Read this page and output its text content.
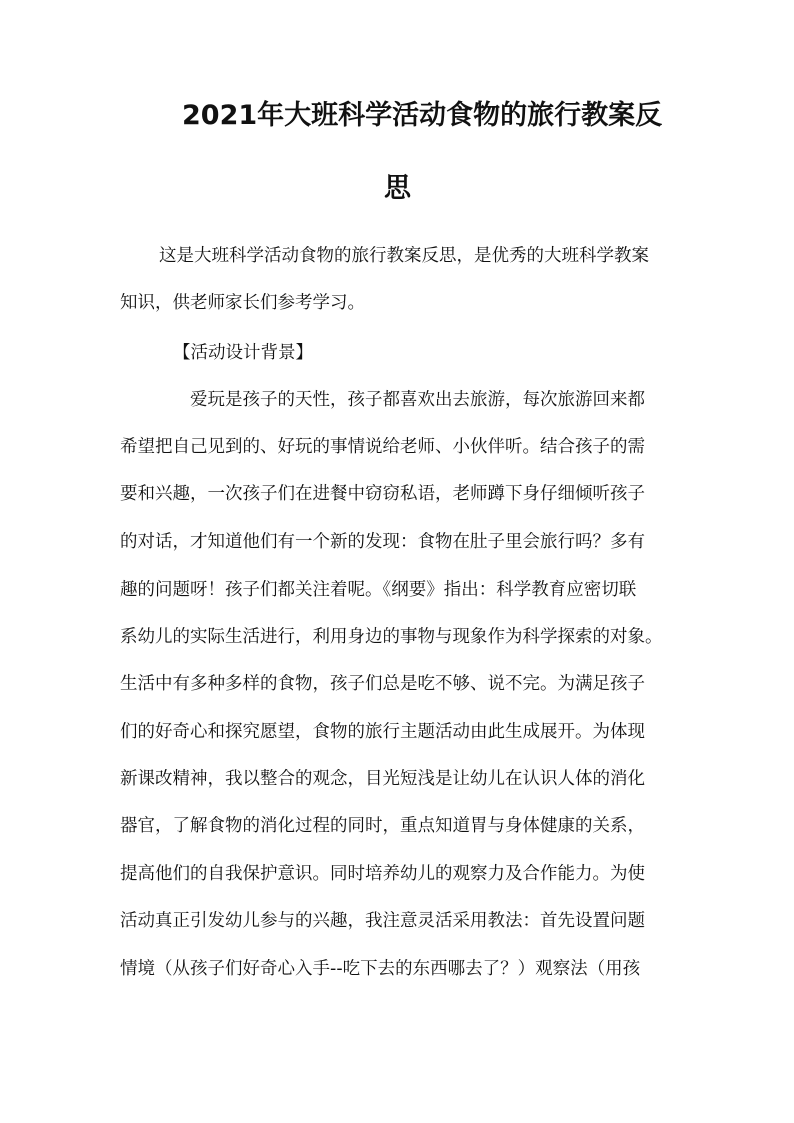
2021年大班科学活动食物的旅行教案反
思
这是大班科学活动食物的旅行教案反思，是优秀的大班科学教案
知识，供老师家长们参考学习。
【活动设计背景】
爱玩是孩子的天性，孩子都喜欢出去旅游，每次旅游回来都
希望把自己见到的、好玩的事情说给老师、小伙伴听。结合孩子的需
要和兴趣，一次孩子们在进餐中窃窃私语，老师蹲下身仔细倾听孩子
的对话，才知道他们有一个新的发现：食物在肚子里会旅行吗？多有
趣的问题呀！孩子们都关注着呢。《纲要》指出：科学教育应密切联
系幼儿的实际生活进行，利用身边的事物与现象作为科学探索的对象。
生活中有多种多样的食物，孩子们总是吃不够、说不完。为满足孩子
们的好奇心和探究愿望，食物的旅行主题活动由此生成展开。为体现
新课改精神，我以整合的观念，目光短浅是让幼儿在认识人体的消化
器官，了解食物的消化过程的同时，重点知道胃与身体健康的关系，
提高他们的自我保护意识。同时培养幼儿的观察力及合作能力。为使
活动真正引发幼儿参与的兴趣，我注意灵活采用教法：首先设置问题
情境（从孩子们好奇心入手--吃下去的东西哪去了？）观察法（用孩
